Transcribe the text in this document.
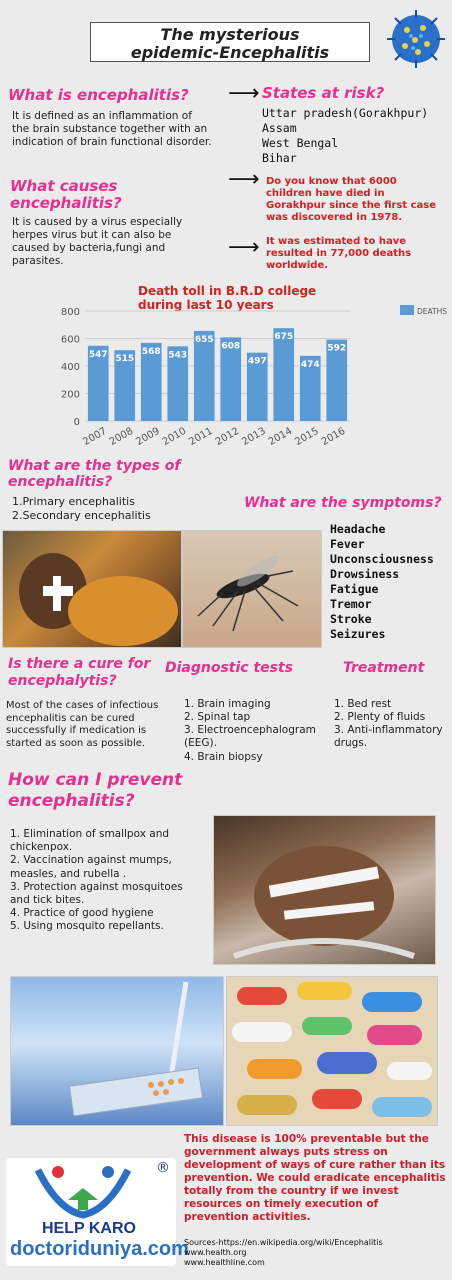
The mysterious
epidemic-Encephalitis
What is encephalitis?
It is defined as an inflammation of the brain substance together with an indication of brain functional disorder.
⟶ States at risk?
Uttar pradesh(Gorakhpur)
Assam
West Bengal
Bihar
What causes
encephalitis?
It is caused by a virus especially herpes virus but it can also be caused by bacteria,fungi and parasites.
⟶ Do you know that 6000 children have died in Gorakhpur since the first case was discovered in 1978.
⟶ It was estimated to have resulted in 77,000 deaths worldwide.
Death toll in B.R.D college during last 10 years
0
200
400
600
800
547
2007
515
2008
568
2009
543
2010
655
2011
608
2012
497
2013
675
2014
474
2015
592
2016
DEATHS
What are the types of
encephalitis?
1.Primary encephalitis
2.Secondary encephalitis
What are the symptoms?
Headache
Fever
Unconsciousness
Drowsiness
Fatigue
Tremor
Stroke
Seizures
Is there a cure for
encephalytis?
Most of the cases of infectious encephalitis can be cured successfully if medication is started as soon as possible.
Diagnostic tests
1. Brain imaging
2. Spinal tap
3. Electroencephalogram (EEG).
4. Brain biopsy
Treatment
1. Bed rest
2. Plenty of fluids
3. Anti-inflammatory drugs.
How can I prevent
encephalitis?
1. Elimination of smallpox and chickenpox.
2. Vaccination against mumps, measles, and rubella .
3. Protection against mosquitoes and tick bites.
4. Practice of good hygiene
5. Using mosquito repellants.
This disease is 100% preventable but the government always puts stress on development of ways of cure rather than its prevention. We could eradicate encephalitis totally from the country if we invest resources on timely execution of prevention activities.
®
HELP KARO
doctoriduniya.com
Sources-https://en.wikipedia.org/wiki/Encephalitis
www.health.org
www.healthline.com
